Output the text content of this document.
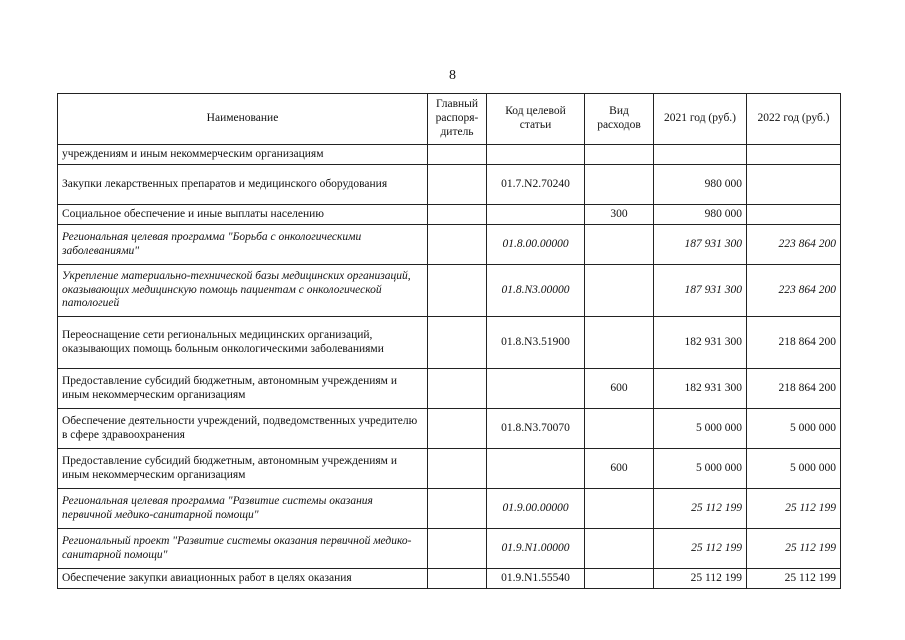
8
Наименование	Главный распоря- дитель	Код целевой статьи	Вид расходов	2021 год (руб.)	2022 год (руб.)
учреждениям и иным некоммерческим организациям					
Закупки лекарственных препаратов и медицинского оборудования		01.7.N2.70240		980 000	
Социальное обеспечение и иные выплаты населению			300	980 000	
Региональная целевая программа "Борьба с онкологическими заболеваниями"		01.8.00.00000		187 931 300	223 864 200
Укрепление материально-технической базы медицинских организаций, оказывающих медицинскую помощь пациентам с онкологической патологией		01.8.N3.00000		187 931 300	223 864 200
Переоснащение сети региональных медицинских организаций, оказывающих помощь больным онкологическими заболеваниями		01.8.N3.51900		182 931 300	218 864 200
Предоставление субсидий бюджетным, автономным учреждениям и иным некоммерческим организациям			600	182 931 300	218 864 200
Обеспечение деятельности учреждений, подведомственных учредителю в сфере здравоохранения		01.8.N3.70070		5 000 000	5 000 000
Предоставление субсидий бюджетным, автономным учреждениям и иным некоммерческим организациям			600	5 000 000	5 000 000
Региональная целевая программа "Развитие системы оказания первичной медико-санитарной помощи"		01.9.00.00000		25 112 199	25 112 199
Региональный проект "Развитие системы оказания первичной медико-санитарной помощи"		01.9.N1.00000		25 112 199	25 112 199
Обеспечение закупки авиационных работ в целях оказания		01.9.N1.55540		25 112 199	25 112 199
